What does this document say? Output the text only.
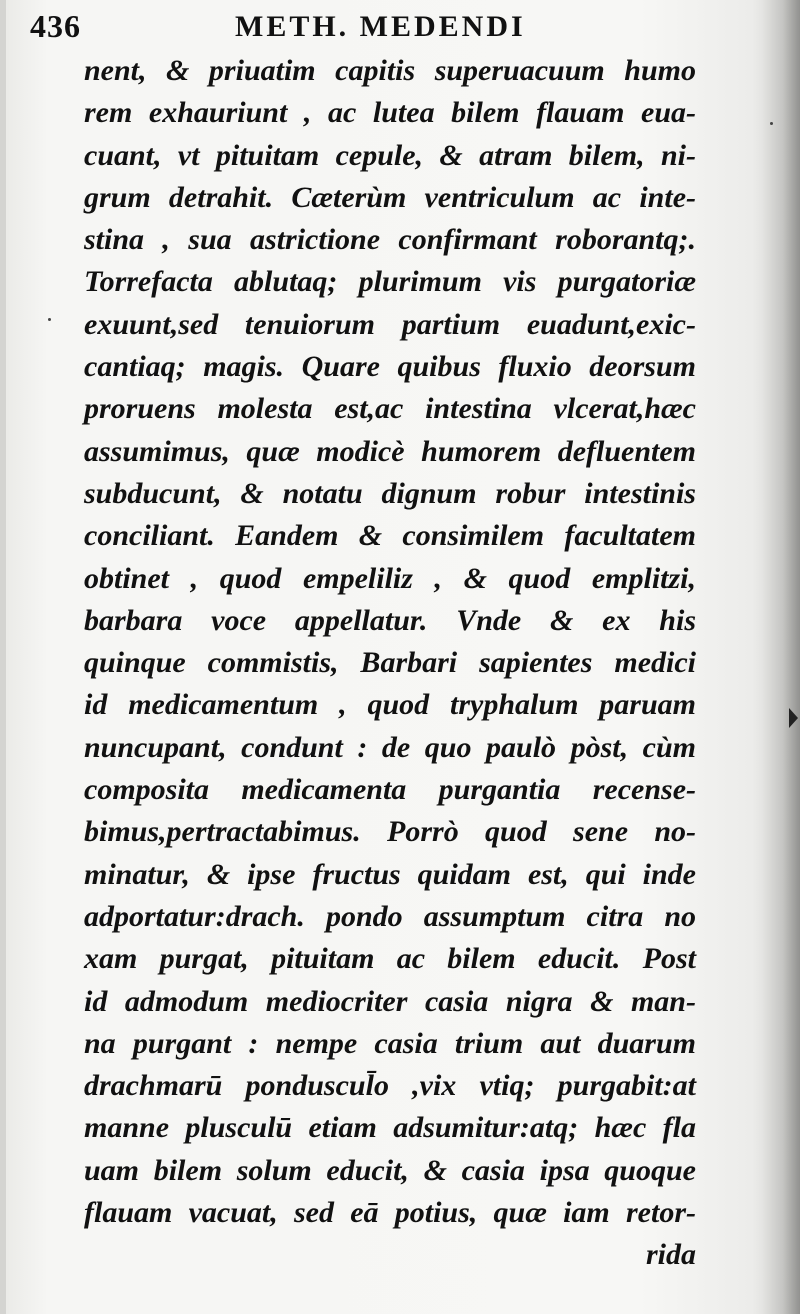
436	METH. MEDENDI
nent, & priuatim capitis superuacuum humo
rem exhauriunt , ac lutea bilem flauam eua-
cuant, vt pituitam cepule, & atram bilem, ni-
grum detrahit. Cæterùm ventriculum ac inte-
stina , sua astrictione confirmant roborantq;.
Torrefacta ablutaq; plurimum vis purgatoriæ
exuunt,sed tenuiorum partium euadunt,exic-
cantiaq; magis. Quare quibus fluxio deorsum
proruens molesta est,ac intestina vlcerat,hæc
assumimus, quæ modicè humorem defluentem
subducunt, & notatu dignum robur intestinis
conciliant. Eandem & consimilem facultatem
obtinet , quod empeliliz , & quod emplitzi,
barbara voce appellatur. Vnde & ex his
quinque commistis, Barbari sapientes medici
id medicamentum , quod tryphalum paruam
nuncupant, condunt : de quo paulò pòst, cùm
composita medicamenta purgantia recense-
bimus,pertractabimus. Porrò quod sene no-
minatur, & ipse fructus quidam est, qui inde
adportatur:drach. pondo assumptum citra no
xam purgat, pituitam ac bilem educit. Post
id admodum mediocriter casia nigra & man-
na purgant : nempe casia trium aut duarum
drachmarū ponduscul̄o ,vix vtiq; purgabit:at
manne plusculū etiam adsumitur:atq; hæc fla
uam bilem solum educit, & casia ipsa quoque
flauam vacuat, sed eā potius, quæ iam retor-
rida
